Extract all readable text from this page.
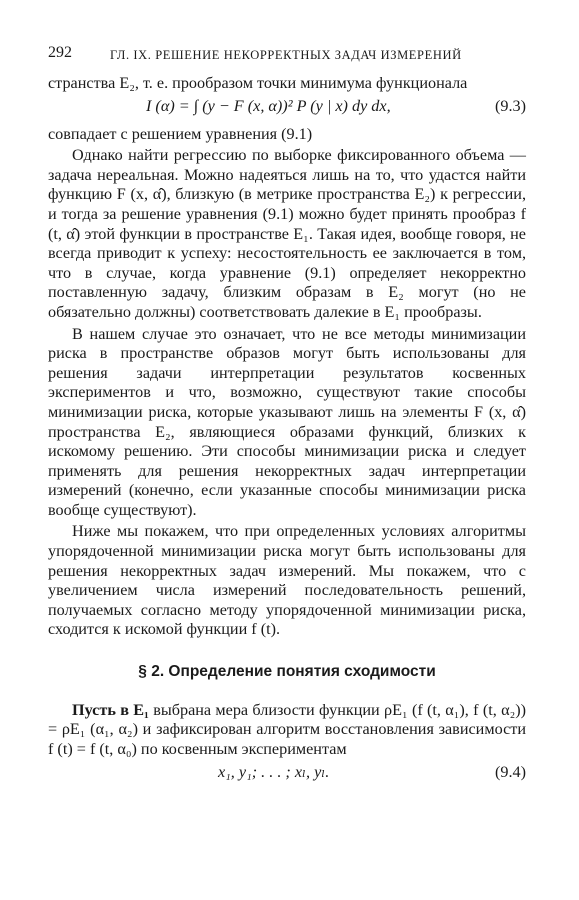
292	ГЛ. IX. РЕШЕНИЕ НЕКОРРЕКТНЫХ ЗАДАЧ ИЗМЕРЕНИЙ

странства E₂, т. е. прообразом точки минимума функционала

I (α) = ∫ (y − F (x, α))² P (y | x) dy dx,	(9.3)

совпадает с решением уравнения (9.1)

Однако найти регрессию по выборке фиксированного объема — задача нереальная. Можно надеяться лишь на то, что удастся найти функцию F (x, α̂), близкую (в метрике пространства E₂) к регрессии, и тогда за решение уравнения (9.1) можно будет принять прообраз f (t, α̂) этой функции в пространстве E₁. Такая идея, вообще говоря, не всегда приводит к успеху: несостоятельность ее заключается в том, что в случае, когда уравнение (9.1) определяет некорректно поставленную задачу, близким образам в E₂ могут (но не обязательно должны) соответствовать далекие в E₁ прообразы.

В нашем случае это означает, что не все методы минимизации риска в пространстве образов могут быть использованы для решения задачи интерпретации результатов косвенных экспериментов и что, возможно, существуют такие способы минимизации риска, которые указывают лишь на элементы F (x, α̂) пространства E₂, являющиеся образами функций, близких к искомому решению. Эти способы минимизации риска и следует применять для решения некорректных задач интерпретации измерений (конечно, если указанные способы минимизации риска вообще существуют).

Ниже мы покажем, что при определенных условиях алгоритмы упорядоченной минимизации риска могут быть использованы для решения некорректных задач измерений. Мы покажем, что с увеличением числа измерений последовательность решений, получаемых согласно методу упорядоченной минимизации риска, сходится к искомой функции f (t).

§ 2. Определение понятия сходимости

Пусть в E₁ выбрана мера близости функции ρE₁ (f (t, α₁), f (t, α₂)) = ρE₁ (α₁, α₂) и зафиксирован алгоритм восстановления зависимости f (t) = f (t, α₀) по косвенным экспериментам

x₁, y₁; . . . ; xₗ, yₗ.	(9.4)
